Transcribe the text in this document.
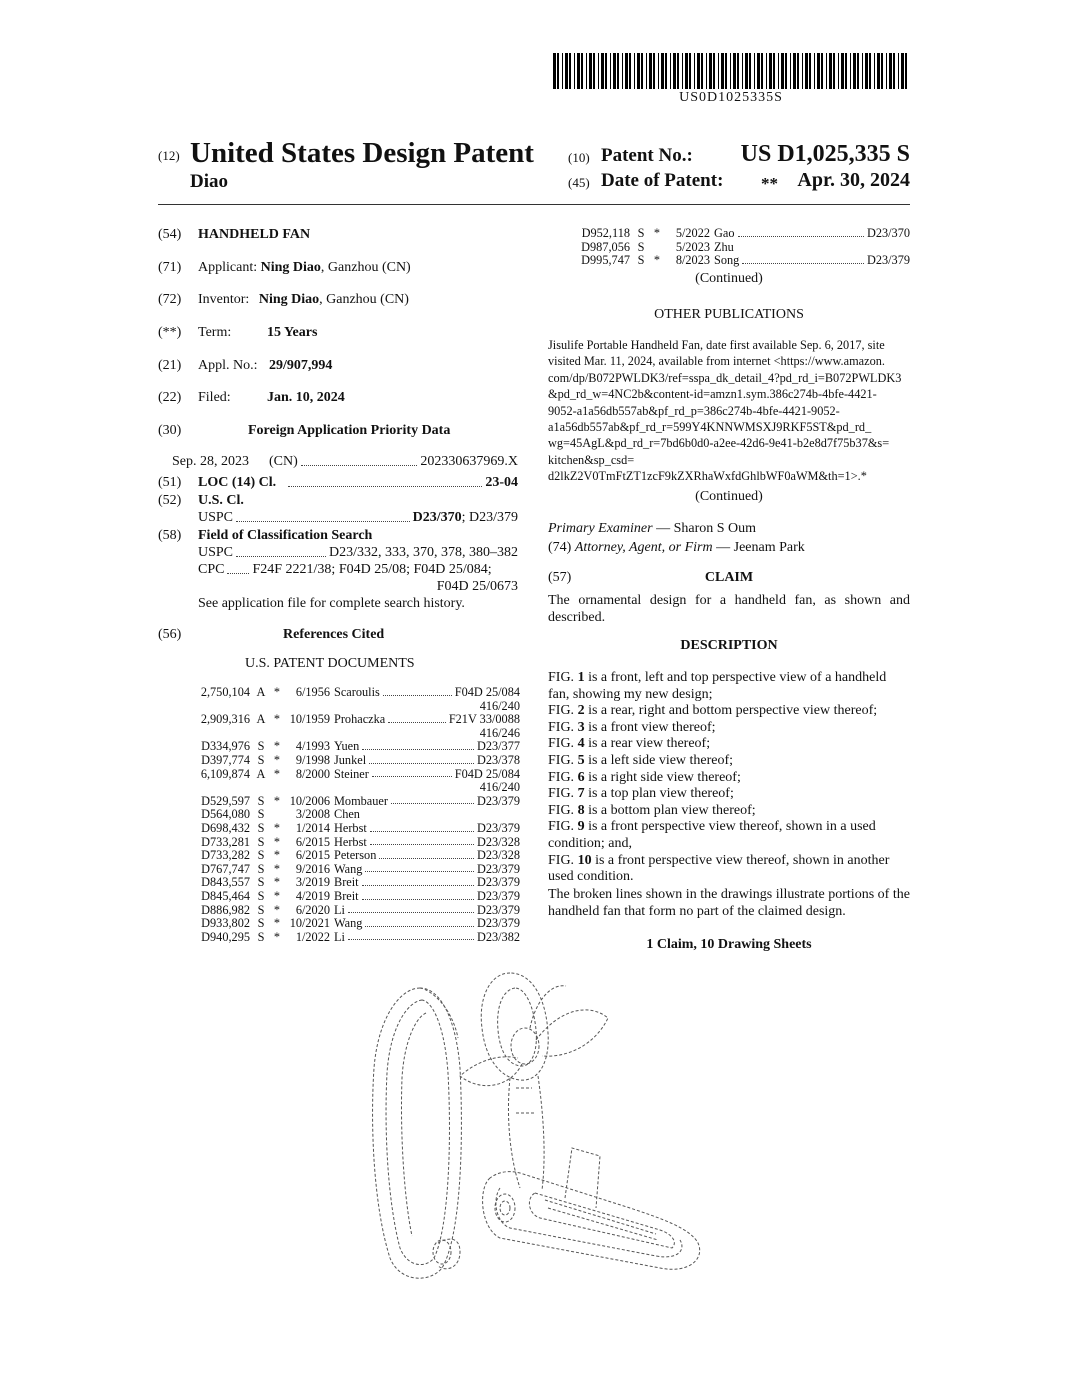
US0D1025335S
(12) United States Design Patent
Diao
(10) Patent No.: US D1,025,335 S
(45) Date of Patent: ** Apr. 30, 2024
(54) HANDHELD FAN
(71) Applicant: Ning Diao, Ganzhou (CN)
(72) Inventor: Ning Diao, Ganzhou (CN)
(**) Term:	15 Years
(21) Appl. No.: 29/907,994
(22) Filed:	Jan. 10, 2024
(30)	Foreign Application Priority Data
Sep. 28, 2023 (CN)	202330637969.X
(51) LOC (14) Cl.	23-04
(52) U.S. Cl.
USPC	D23/370 ; D23/379
(58) Field of Classification Search
USPC	D23/332, 333, 370, 378, 380–382
CPC F24F 2221/38; F04D 25/08; F04D 25/084;
F04D 25/0673
See application file for complete search history.
(56)	References Cited
U.S. PATENT DOCUMENTS
2,750,104 A *	6/1956 Scaroulis	F04D 25/084
416/240
2,909,316 A * 10/1959 Prohaczka	F21V 33/0088
416/246
D334,976 S *	4/1993 Yuen	D23/377
D397,774 S *	9/1998 Junkel	D23/378
6,109,874 A *	8/2000 Steiner	F04D 25/084
416/240
D529,597 S * 10/2006 Mombauer	D23/379
D564,080 S	3/2008 Chen
D698,432 S *	1/2014 Herbst	D23/379
D733,281 S *	6/2015 Herbst	D23/328
D733,282 S *	6/2015 Peterson	D23/328
D767,747 S *	9/2016 Wang	D23/379
D843,557 S *	3/2019 Breit	D23/379
D845,464 S *	4/2019 Breit	D23/379
D886,982 S *	6/2020 Li	D23/379
D933,802 S * 10/2021 Wang	D23/379
D940,295 S *	1/2022 Li	D23/382
D952,118 S *	5/2022 Gao	D23/370
D987,056 S	5/2023 Zhu
D995,747 S *	8/2023 Song	D23/379
(Continued)
OTHER PUBLICATIONS
Jisulife Portable Handheld Fan, date first available Sep. 6, 2017, site
visited Mar. 11, 2024, available from internet <https://www.amazon.
com/dp/B072PWLDK3/ref=sspa_dk_detail_4?pd_rd_i=B072PWLDK3
&pd_rd_w=4NC2b&content-id=amzn1.sym.386c274b-4bfe-4421-
9052-a1a56db557ab&pf_rd_p=386c274b-4bfe-4421-9052-
a1a56db557ab&pf_rd_r=599Y4KNNWMSXJ9RKF5ST&pd_rd_
wg=45AgL&pd_rd_r=7bd6b0d0-a2ee-42d6-9e41-b2e8d7f75b37&s=
kitchen&sp_csd=
d2lkZ2V0TmFtZT1zcF9kZXRhaWxfdGhlbWF0aWM&th=1>.*
(Continued)
Primary Examiner — Sharon S Oum
(74) Attorney, Agent, or Firm — Jeenam Park
(57)	CLAIM
The ornamental design for a handheld fan, as shown and described.
DESCRIPTION

FIG. 1 is a front, left and top perspective view of a handheld fan, showing my new design;

FIG. 2 is a rear, right and bottom perspective view thereof;

FIG. 3 is a front view thereof;

FIG. 4 is a rear view thereof;

FIG. 5 is a left side view thereof;

FIG. 6 is a right side view thereof;

FIG. 7 is a top plan view thereof;

FIG. 8 is a bottom plan view thereof;

FIG. 9 is a front perspective view thereof, shown in a used condition; and,

FIG. 10 is a front perspective view thereof, shown in another used condition.

The broken lines shown in the drawings illustrate portions of the handheld fan that form no part of the claimed design.
1 Claim, 10 Drawing Sheets
